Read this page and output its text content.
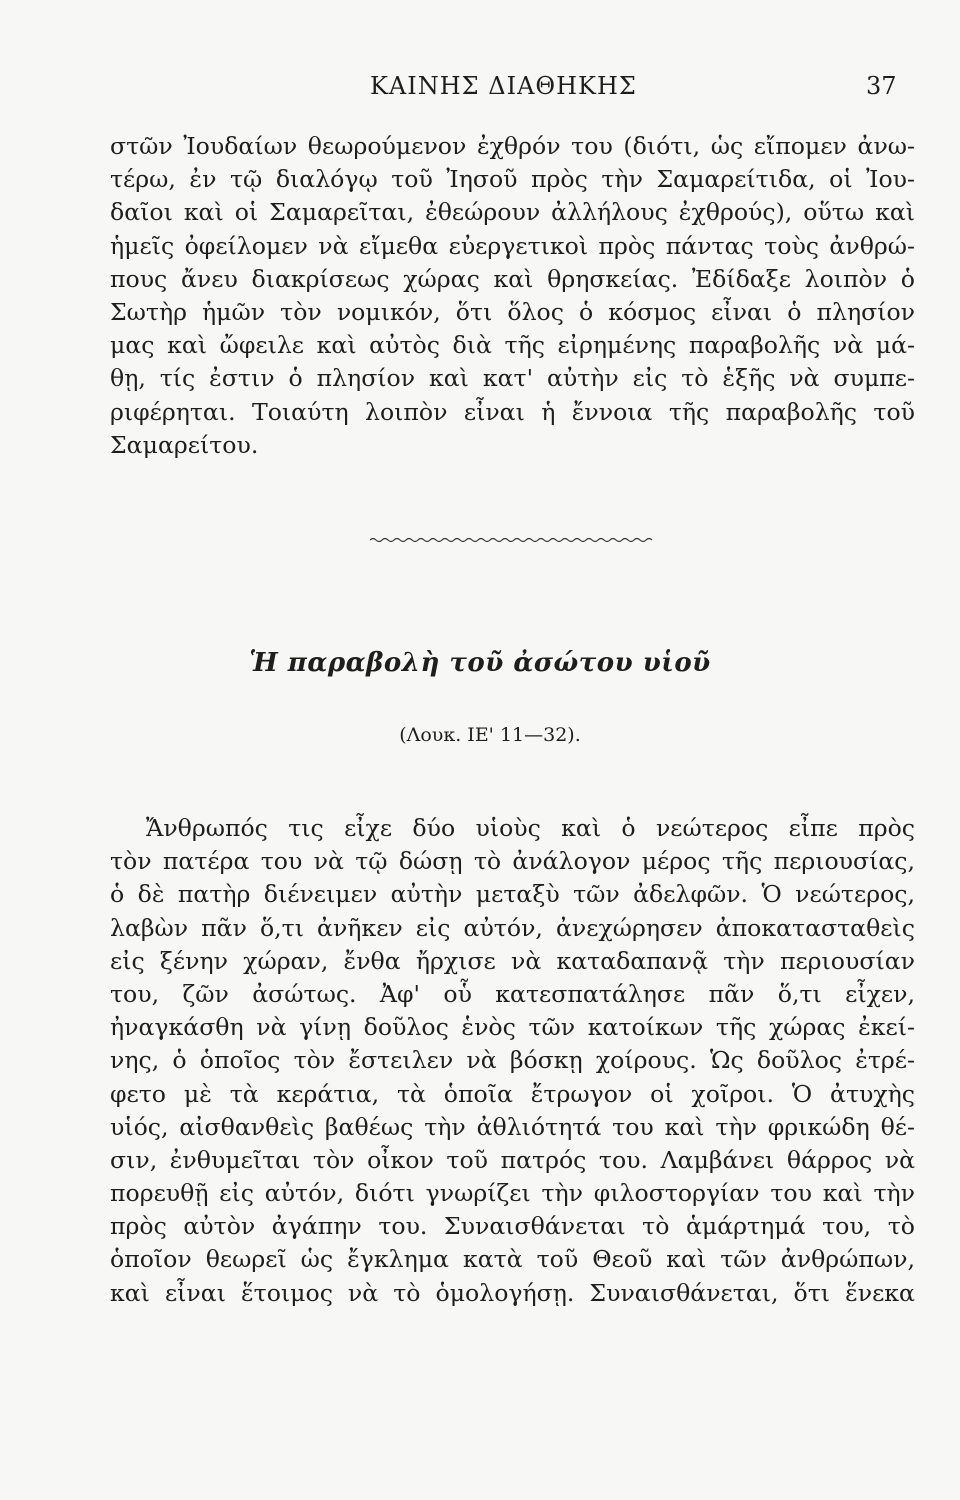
ΚΑΙΝΗΣ ΔΙΑΘΗΚΗΣ	37
στῶν Ἰουδαίων θεωρούμενον ἐχθρόν του (διότι, ὡς εἴπομεν ἀνω-
τέρω, ἐν τῷ διαλόγῳ τοῦ Ἰησοῦ πρὸς τὴν Σαμαρείτιδα, οἱ Ἰου-
δαῖοι καὶ οἱ Σαμαρεῖται, ἐθεώρουν ἀλλήλους ἐχθρούς), οὕτω καὶ
ἡμεῖς ὀφείλομεν νὰ εἴμεθα εὐεργετικοὶ πρὸς πάντας τοὺς ἀνθρώ-
πους ἄνευ διακρίσεως χώρας καὶ θρησκείας. Ἐδίδαξε λοιπὸν ὁ
Σωτὴρ ἡμῶν τὸν νομικόν, ὅτι ὅλος ὁ κόσμος εἶναι ὁ πλησίον
μας καὶ ὤφειλε καὶ αὐτὸς διὰ τῆς εἰρημένης παραβολῆς νὰ μά-
θῃ, τίς ἐστιν ὁ πλησίον καὶ κατ' αὐτὴν εἰς τὸ ἑξῆς νὰ συμπε-
ριφέρηται. Τοιαύτη λοιπὸν εἶναι ἡ ἔννοια τῆς παραβολῆς τοῦ
Σαμαρείτου.
Ἡ παραβολὴ τοῦ ἀσώτου υἱοῦ
(Λουκ. ΙΕ' 11—32).
Ἄνθρωπός τις εἶχε δύο υἱοὺς καὶ ὁ νεώτερος εἶπε πρὸς
τὸν πατέρα του νὰ τῷ δώσῃ τὸ ἀνάλογον μέρος τῆς περιουσίας,
ὁ δὲ πατὴρ διένειμεν αὐτὴν μεταξὺ τῶν ἀδελφῶν. Ὁ νεώτερος,
λαβὼν πᾶν ὅ,τι ἀνῆκεν εἰς αὐτόν, ἀνεχώρησεν ἀποκατασταθεὶς
εἰς ξένην χώραν, ἔνθα ἤρχισε νὰ καταδαπανᾷ τὴν περιουσίαν
του, ζῶν ἀσώτως. Ἀφ' οὗ κατεσπατάλησε πᾶν ὅ,τι εἶχεν,
ἠναγκάσθη νὰ γίνῃ δοῦλος ἑνὸς τῶν κατοίκων τῆς χώρας ἐκεί-
νης, ὁ ὁποῖος τὸν ἔστειλεν νὰ βόσκῃ χοίρους. Ὡς δοῦλος ἐτρέ-
φετο μὲ τὰ κεράτια, τὰ ὁποῖα ἔτρωγον οἱ χοῖροι. Ὁ ἀτυχὴς
υἱός, αἰσθανθεὶς βαθέως τὴν ἀθλιότητά του καὶ τὴν φρικώδη θέ-
σιν, ἐνθυμεῖται τὸν οἶκον τοῦ πατρός του. Λαμβάνει θάρρος νὰ
πορευθῇ εἰς αὐτόν, διότι γνωρίζει τὴν φιλοστοργίαν του καὶ τὴν
πρὸς αὐτὸν ἀγάπην του. Συναισθάνεται τὸ ἁμάρτημά του, τὸ
ὁποῖον θεωρεῖ ὡς ἔγκλημα κατὰ τοῦ Θεοῦ καὶ τῶν ἀνθρώπων,
καὶ εἶναι ἕτοιμος νὰ τὸ ὁμολογήσῃ. Συναισθάνεται, ὅτι ἕνεκα
